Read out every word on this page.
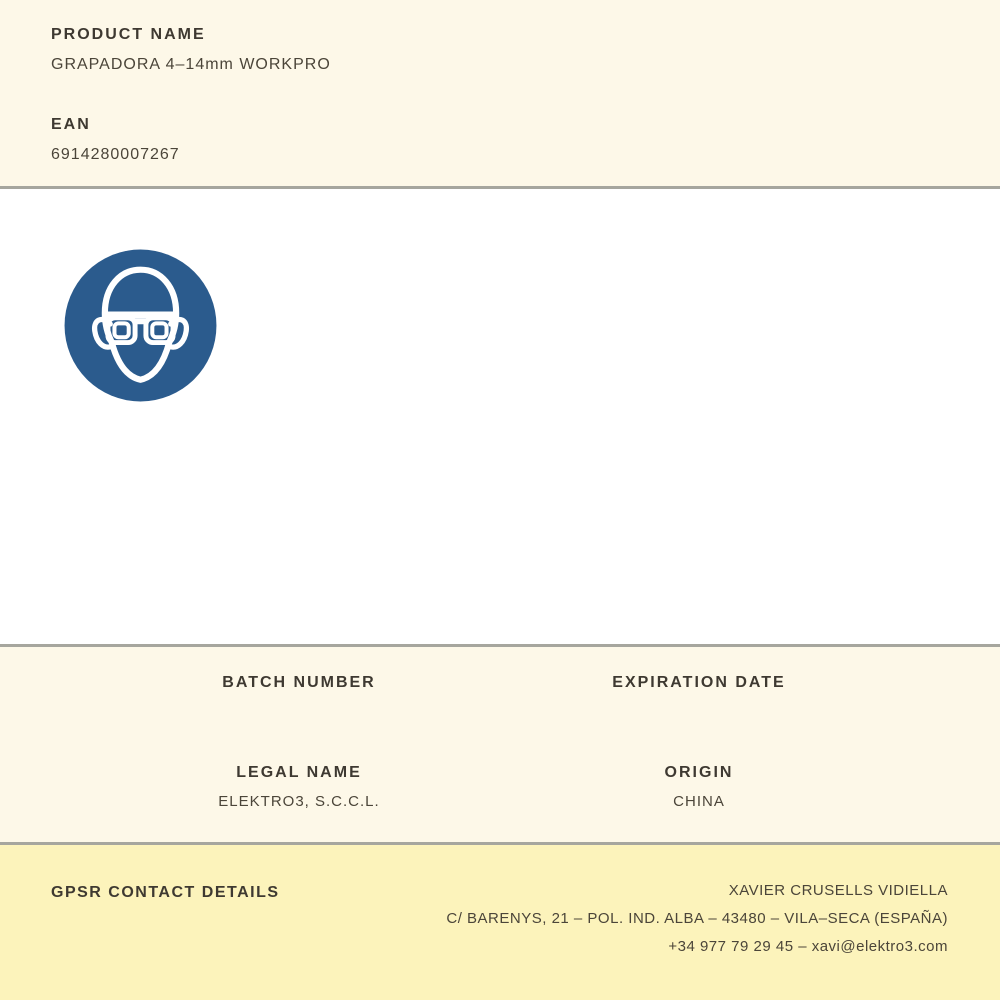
PRODUCT NAME
GRAPADORA 4–14mm WORKPRO
EAN
6914280007267
BATCH NUMBER	EXPIRATION DATE
LEGAL NAME
ELEKTRO3, S.C.C.L.
ORIGIN
CHINA
GPSR CONTACT DETAILS	XAVIER CRUSELLS VIDIELLA
C/ BARENYS, 21 – POL. IND. ALBA – 43480 – VILA–SECA (ESPAÑA)
+34 977 79 29 45 – xavi@elektro3.com
